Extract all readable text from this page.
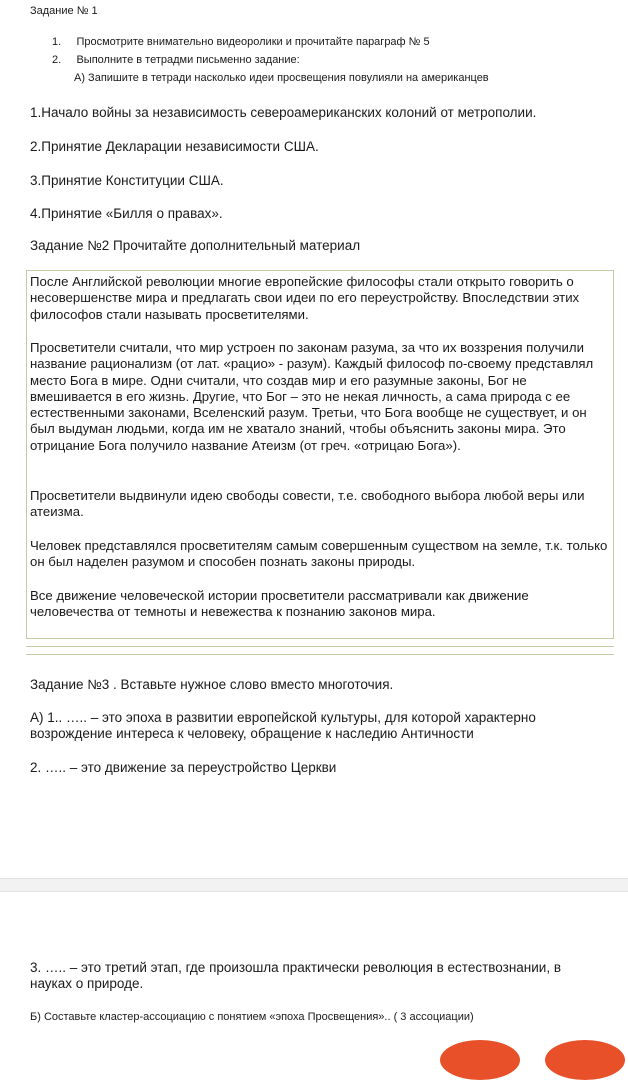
Задание № 1
1.     Просмотрите внимательно видеоролики и прочитайте параграф № 5
2.     Выполните в тетрадми письменно задание:
А) Запишите в тетради насколько идеи просвещения повулияли на американцев
1.Начало войны за независимость североамериканских колоний от метрополии.
2.Принятие Декларации независимости США.
3.Принятие Конституции США.
4.Принятие «Билля о правах».
Задание №2 Прочитайте дополнительный материал
После Английской революции многие европейские философы стали открыто говорить о несовершенстве мира и предлагать свои идеи по его переустройству. Впоследствии этих философов стали называть просветителями.
Просветители считали, что мир устроен по законам разума, за что их воззрения получили название рационализм (от лат. «рацио» - разум). Каждый философ по-своему представлял место Бога в мире. Одни считали, что создав мир и его разумные законы, Бог не вмешивается в его жизнь. Другие, что Бог – это не некая личность, а сама природа с ее естественными законами, Вселенский разум. Третьи, что Бога вообще не существует, и он был выдуман людьми, когда им не хватало знаний, чтобы объяснить законы мира. Это отрицание Бога получило название Атеизм (от греч. «отрицаю Бога»).
Просветители выдвинули идею свободы совести, т.е. свободного выбора любой веры или атеизма.
Человек представлялся просветителям самым совершенным существом на земле, т.к. только он был наделен разумом и способен познать законы природы.
Все движение человеческой истории просветители рассматривали как движение человечества от темноты и невежества к познанию законов мира.
Задание №3 . Вставьте нужное слово вместо многоточия.
А) 1.. ….. – это эпоха в развитии европейской культуры, для которой характерно возрождение интереса к человеку, обращение к наследию Античности
2. ….. – это движение за переустройство Церкви
3. ….. – это третий этап, где произошла практически революция в естествознании, в науках о природе.
Б) Составьте кластер-ассоциацию с понятием «эпоха Просвещения».. ( 3 ассоциации)
